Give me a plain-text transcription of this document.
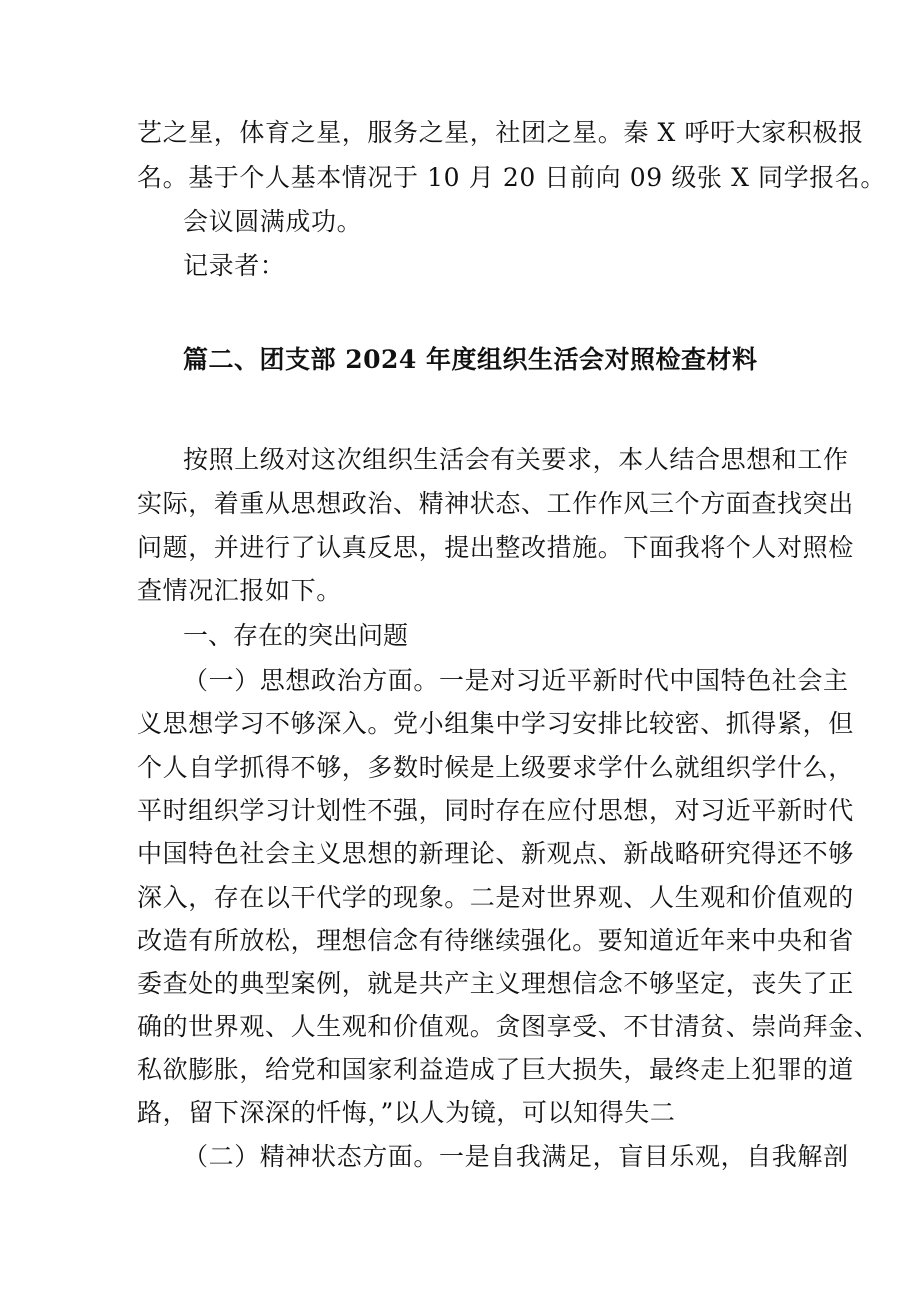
艺之星，体育之星，服务之星，社团之星。秦 X 呼吁大家积极报
名。基于个人基本情况于 10 月 20 日前向 09 级张 X 同学报名。
会议圆满成功。
记录者：
篇二、团支部 2024 年度组织生活会对照检查材料
按照上级对这次组织生活会有关要求，本人结合思想和工作
实际，着重从思想政治、精神状态、工作作风三个方面查找突出
问题，并进行了认真反思，提出整改措施。下面我将个人对照检
查情况汇报如下。
一、存在的突出问题
（一）思想政治方面。一是对习近平新时代中国特色社会主
义思想学习不够深入。党小组集中学习安排比较密、抓得紧，但
个人自学抓得不够，多数时候是上级要求学什么就组织学什么，
平时组织学习计划性不强，同时存在应付思想，对习近平新时代
中国特色社会主义思想的新理论、新观点、新战略研究得还不够
深入，存在以干代学的现象。二是对世界观、人生观和价值观的
改造有所放松，理想信念有待继续强化。要知道近年来中央和省
委查处的典型案例，就是共产主义理想信念不够坚定，丧失了正
确的世界观、人生观和价值观。贪图享受、不甘清贫、崇尚拜金、
私欲膨胀，给党和国家利益造成了巨大损失，最终走上犯罪的道
路，留下深深的忏悔，”以人为镜，可以知得失二
（二）精神状态方面。一是自我满足，盲目乐观，自我解剖
